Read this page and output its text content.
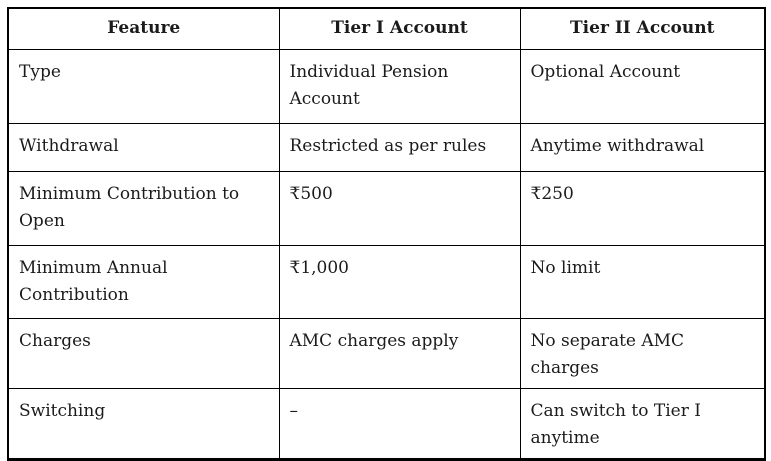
Feature	Tier I Account	Tier II Account
Type	Individual Pension Account	Optional Account
Withdrawal	Restricted as per rules	Anytime withdrawal
Minimum Contribution to Open	₹500	₹250
Minimum Annual Contribution	₹1,000	No limit
Charges	AMC charges apply	No separate AMC charges
Switching	–	Can switch to Tier I anytime
